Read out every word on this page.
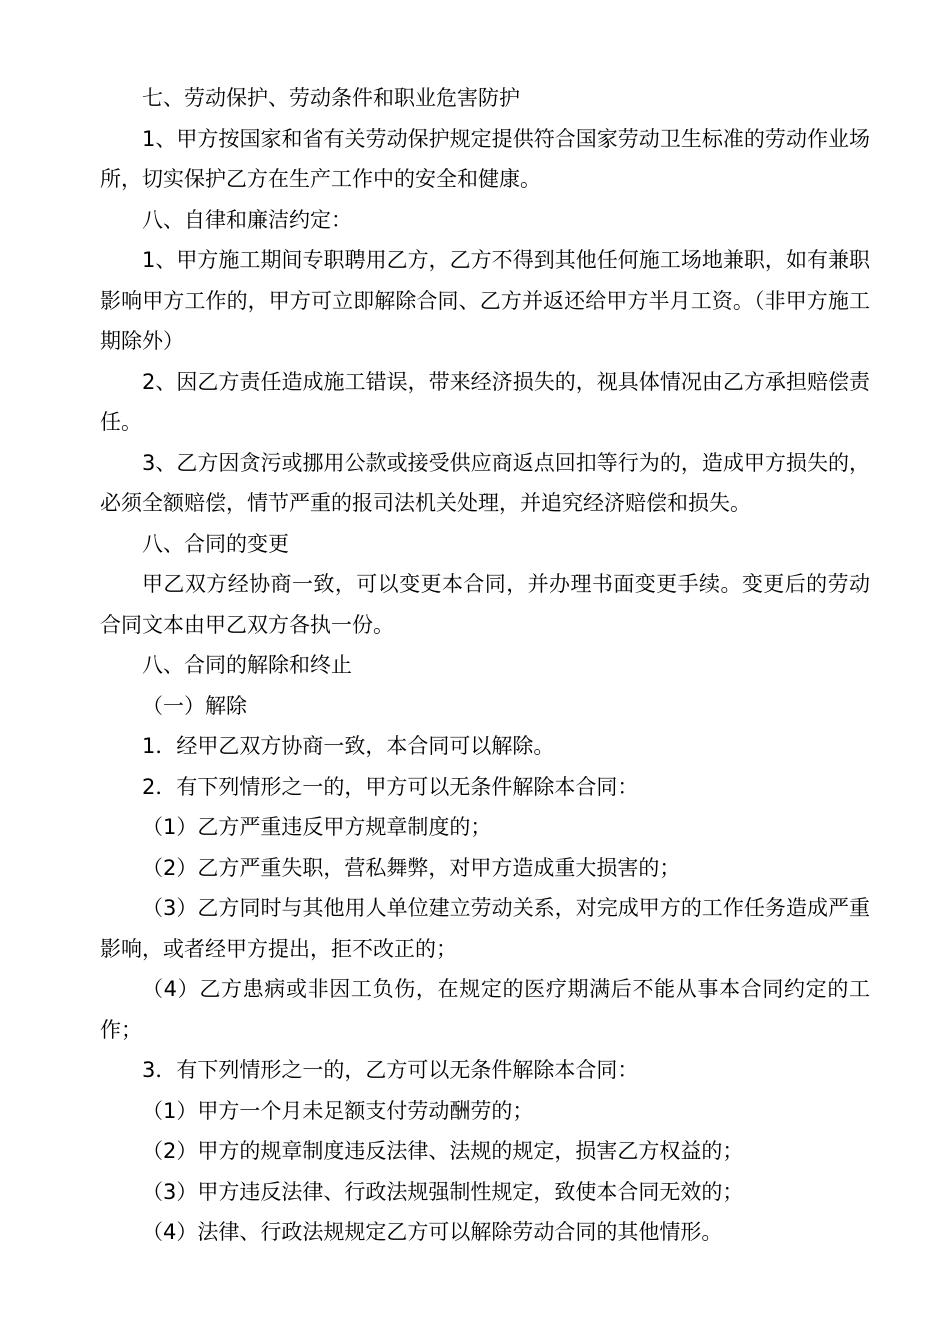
七、劳动保护、劳动条件和职业危害防护

1、甲方按国家和省有关劳动保护规定提供符合国家劳动卫生标准的劳动作业场所，切实保护乙方在生产工作中的安全和健康。

八、自律和廉洁约定：

1、甲方施工期间专职聘用乙方，乙方不得到其他任何施工场地兼职，如有兼职影响甲方工作的，甲方可立即解除合同、乙方并返还给甲方半月工资。（非甲方施工期除外）

2、因乙方责任造成施工错误，带来经济损失的，视具体情况由乙方承担赔偿责任。

3、乙方因贪污或挪用公款或接受供应商返点回扣等行为的，造成甲方损失的，必须全额赔偿，情节严重的报司法机关处理，并追究经济赔偿和损失。

八、合同的变更

甲乙双方经协商一致，可以变更本合同，并办理书面变更手续。变更后的劳动合同文本由甲乙双方各执一份。

八、合同的解除和终止

（一）解除

1．经甲乙双方协商一致，本合同可以解除。

2．有下列情形之一的，甲方可以无条件解除本合同：

（1）乙方严重违反甲方规章制度的；

（2）乙方严重失职，营私舞弊，对甲方造成重大损害的；

（3）乙方同时与其他用人单位建立劳动关系，对完成甲方的工作任务造成严重影响，或者经甲方提出，拒不改正的；

（4）乙方患病或非因工负伤，在规定的医疗期满后不能从事本合同约定的工作；

3．有下列情形之一的，乙方可以无条件解除本合同：

（1）甲方一个月未足额支付劳动酬劳的；

（2）甲方的规章制度违反法律、法规的规定，损害乙方权益的；

（3）甲方违反法律、行政法规强制性规定，致使本合同无效的；

（4）法律、行政法规规定乙方可以解除劳动合同的其他情形。
